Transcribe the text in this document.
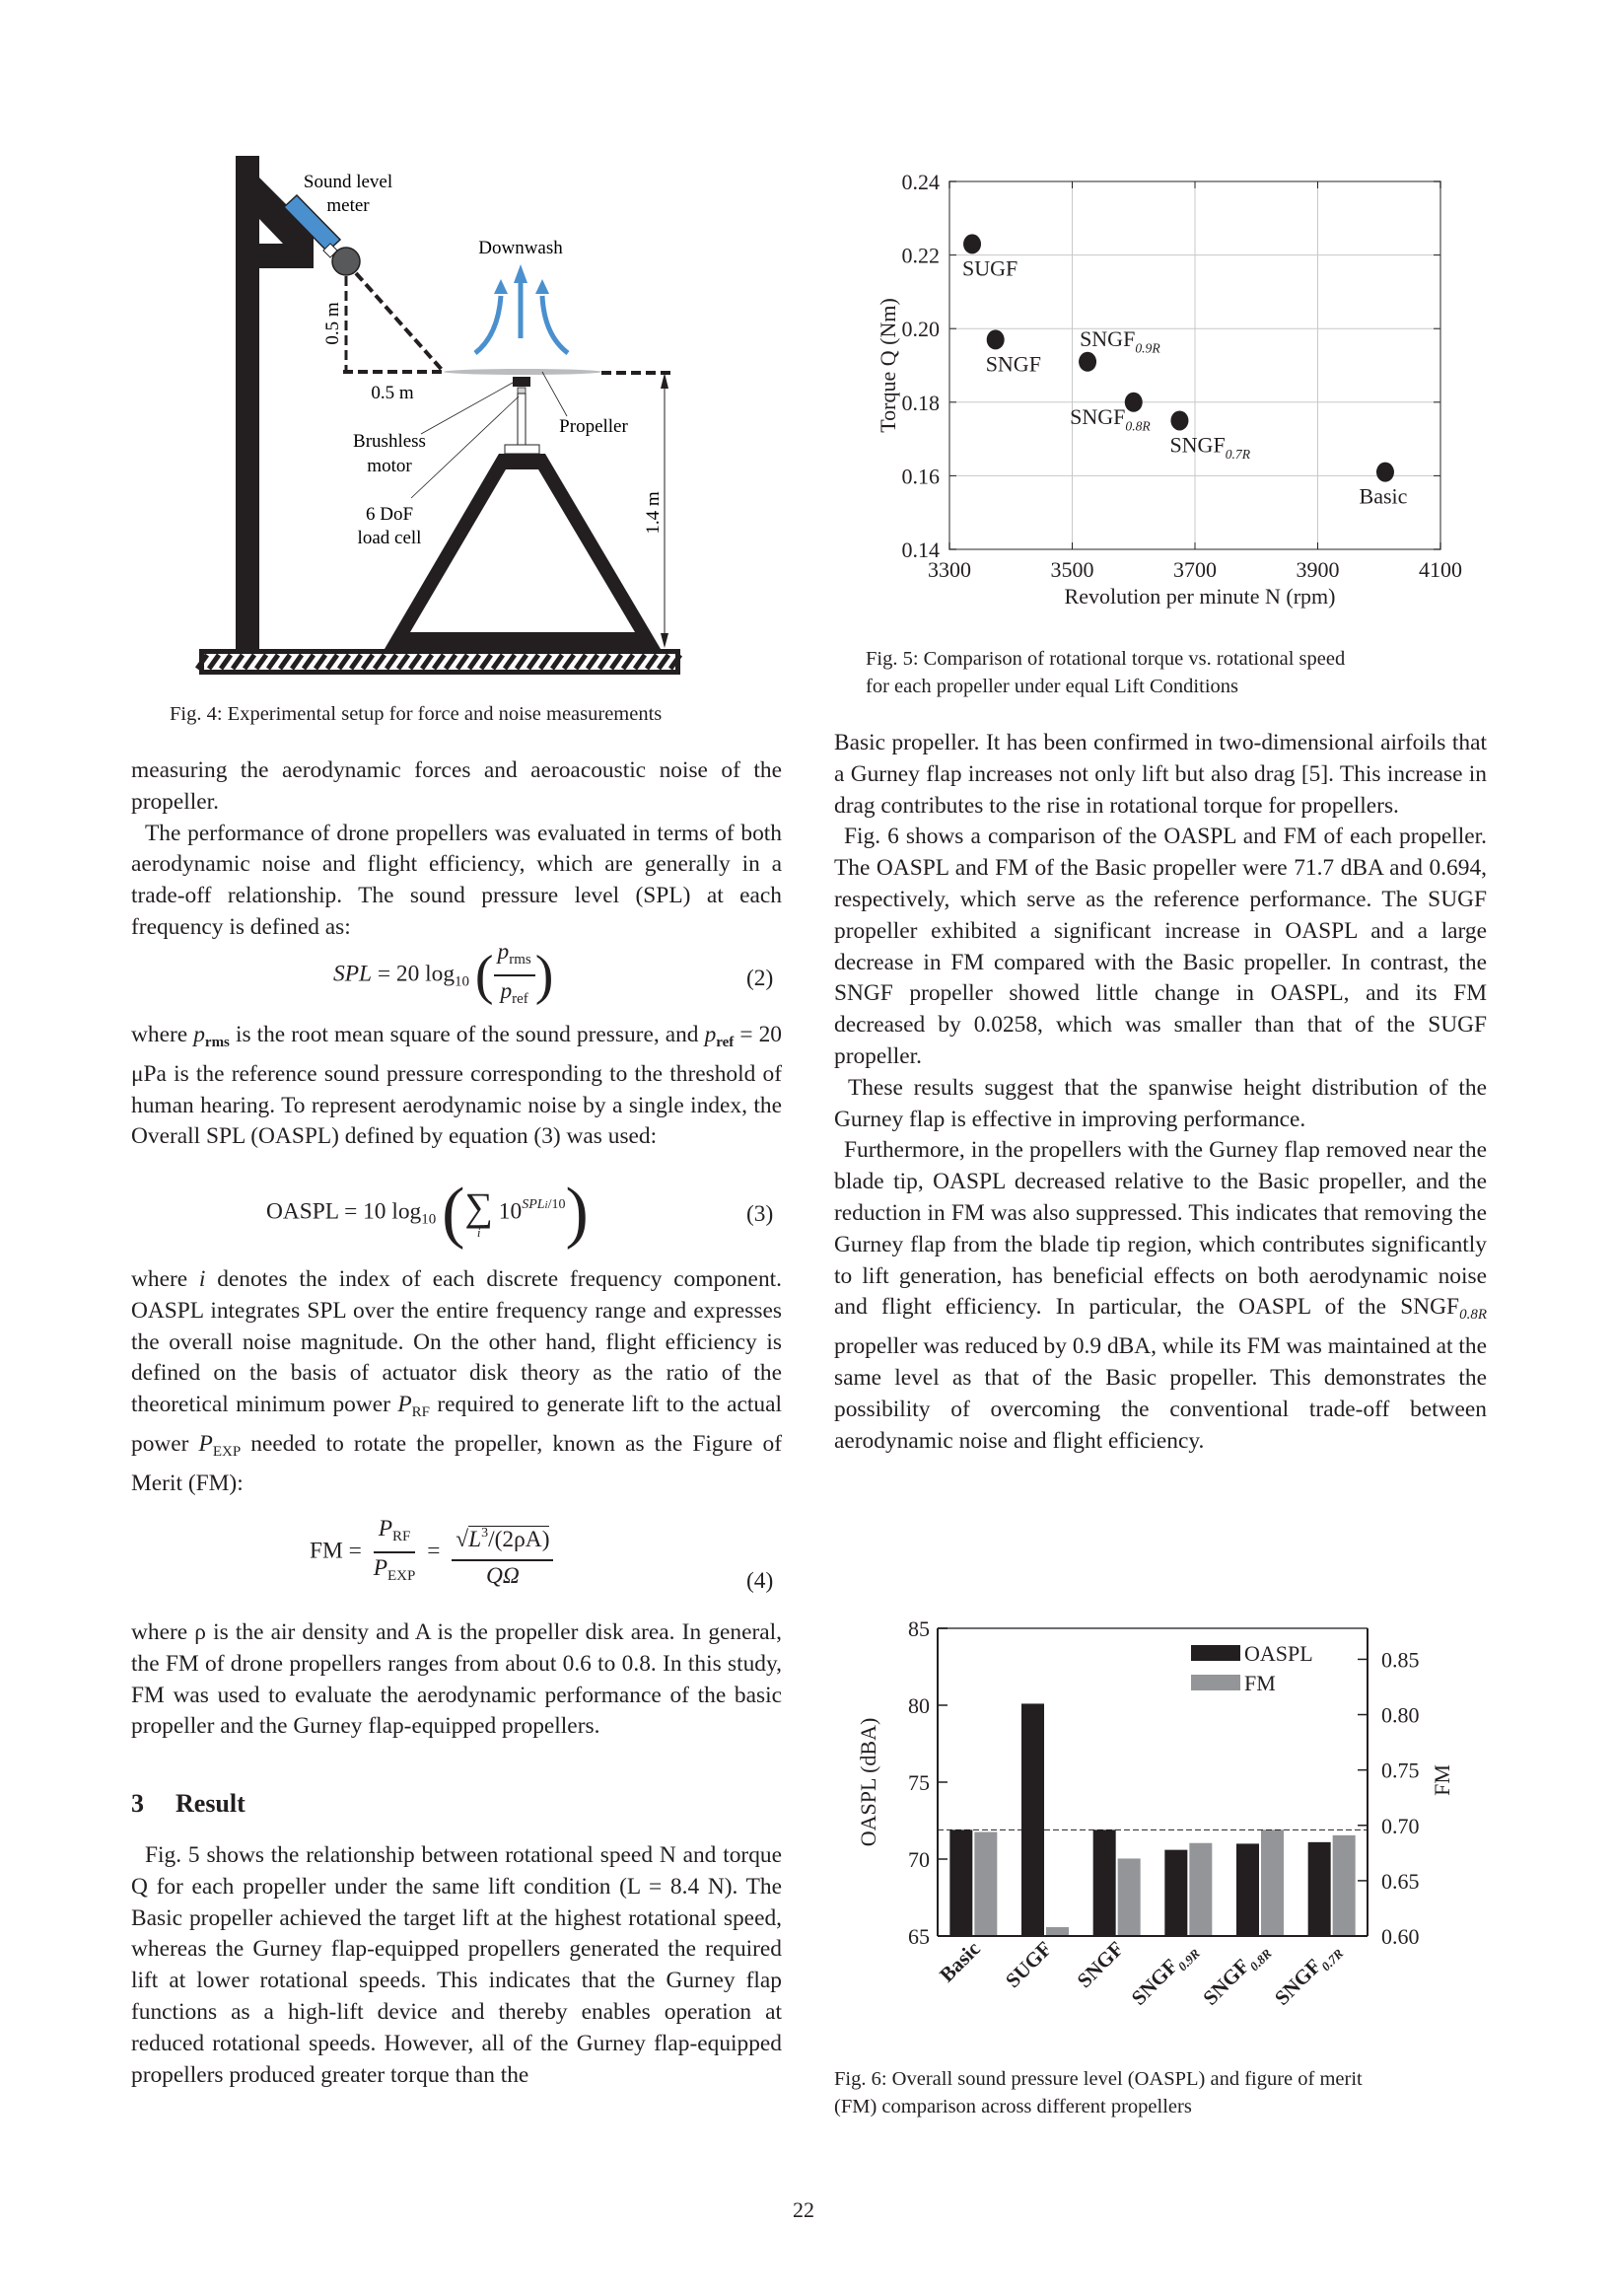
Sound level
meter
Downwash
0.5 m
0.5 m
Brushless
motor
Propeller
6 DoF
load cell
1.4 m
Fig. 4: Experimental setup for force and noise measurements

measuring the aerodynamic forces and aeroacoustic noise of the propeller.

The performance of drone propellers was evaluated in terms of both aerodynamic noise and flight efficiency, which are generally in a trade-off relationship. The sound pressure level (SPL) at each frequency is defined as:

SPL = 20 $\log_{10}$ ( $\frac{p_{rms}}{p_{ref}}$ )	(2)

where $p_{rms}$ is the root mean square of the sound pressure, and $p_{ref} = 20$ μPa is the reference sound pressure corresponding to the threshold of human hearing. To represent aerodynamic noise by a single index, the Overall SPL (OASPL) defined by equation (3) was used:

OASPL = 10 $\log_{10}$ ( ∑
i
$10^{SPLi/10}$)	(3)

where i denotes the index of each discrete frequency component. OASPL integrates SPL over the entire frequency range and expresses the overall noise magnitude. On the other hand, flight efficiency is defined on the basis of actuator disk theory as the ratio of the theoretical minimum power $P_{RF}$ required to generate lift to the actual power $P_{EXP}$ needed to rotate the propeller, known as the Figure of Merit (FM):

FM = $\frac{P_{RF}}{P_{EXP}} = \frac{√L^3/(2\rho A)}{Q\Omega}$	(4)

where ρ is the air density and A is the propeller disk area. In general, the FM of drone propellers ranges from about 0.6 to 0.8. In this study, FM was used to evaluate the aerodynamic performance of the basic propeller and the Gurney flap-equipped propellers.

3 Result

Fig. 5 shows the relationship between rotational speed N and torque Q for each propeller under the same lift condition (L = 8.4 N). The Basic propeller achieved the target lift at the highest rotational speed, whereas the Gurney flap-equipped propellers generated the required lift at lower rotational speeds. This indicates that the Gurney flap functions as a high-lift device and thereby enables operation at reduced rotational speeds. However, all of the Gurney flap-equipped propellers produced greater torque than the

3300	3500	3700	3900	4100
0.14
0.16
0.18
0.20
0.22
0.24
Revolution per minute N (rpm)
Torque Q (Nm)
SUGF
SNGF
$SNGF_{0.9R}$
$SNGF_{0.8R}$
$SNGF_{0.7R}$
Basic
Fig. 5: Comparison of rotational torque vs. rotational speed
for each propeller under equal Lift Conditions

Basic propeller. It has been confirmed in two-dimensional airfoils that a Gurney flap increases not only lift but also drag [5]. This increase in drag contributes to the rise in rotational torque for propellers.

Fig. 6 shows a comparison of the OASPL and FM of each propeller. The OASPL and FM of the Basic propeller were 71.7 dBA and 0.694, respectively, which serve as the reference performance. The SUGF propeller exhibited a significant increase in OASPL and a large decrease in FM compared with the Basic propeller. In contrast, the SNGF propeller showed little change in OASPL, and its FM decreased by 0.0258, which was smaller than that of the SUGF propeller.

These results suggest that the spanwise height distribution of the Gurney flap is effective in improving performance.

Furthermore, in the propellers with the Gurney flap removed near the blade tip, OASPL decreased relative to the Basic propeller, and the reduction in FM was also suppressed. This indicates that removing the Gurney flap from the blade tip region, which contributes significantly to lift generation, has beneficial effects on both aerodynamic noise and flight efficiency. In particular, the OASPL of the $SNGF_{0.8R}$ propeller was reduced by 0.9 dBA, while its FM was maintained at the same level as that of the Basic propeller. This demonstrates the possibility of overcoming the conventional trade-off between aerodynamic noise and flight efficiency.

Basic SUGF SNGF
$SNGF_{0.9R}$
$SNGF_{0.8R}$
$SNGF_{0.7R}$
65
70
75
80
85
0.60
0.65
0.70
0.75
0.80
0.85
OASPL (dBA)	FM
OASPL
FM
Fig. 6: Overall sound pressure level (OASPL) and figure of merit
(FM) comparison across different propellers
22
